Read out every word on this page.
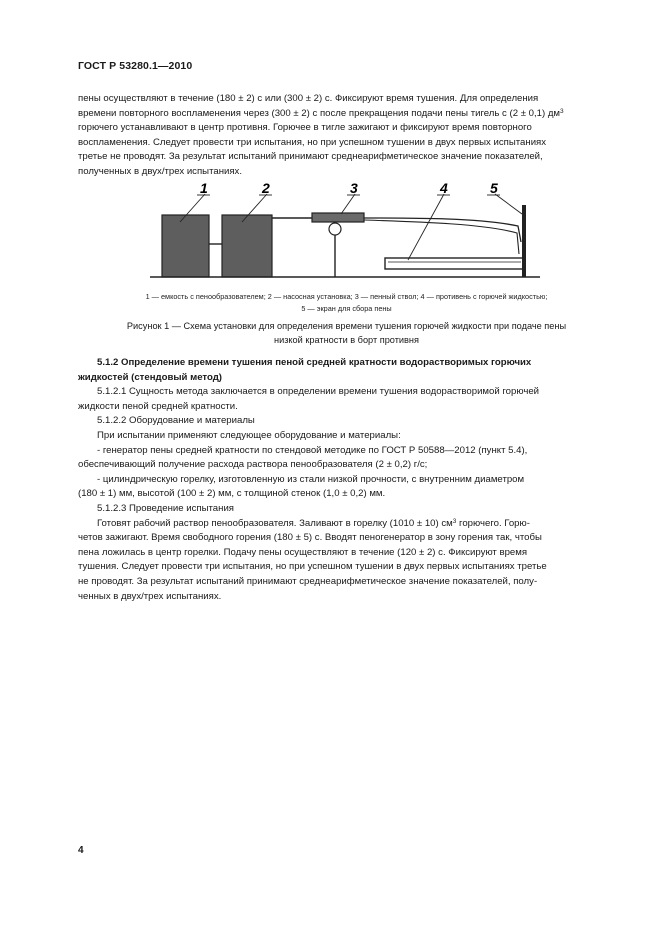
ГОСТ Р 53280.1—2010
пены осуществляют в течение (180 ± 2) с или (300 ± 2) с. Фиксируют время тушения. Для определения
времени повторного воспламенения через (300 ± 2) с после прекращения подачи пены тигель с (2 ± 0,1) $дм^3$
горючего устанавливают в центр противня. Горючее в тигле зажигают и фиксируют время повторного
воспламенения. Следует провести три испытания, но при успешном тушении в двух первых испытаниях
третье не проводят. За результат испытаний принимают среднеарифметическое значение показателей,
полученных в двух/трех испытаниях.
1	2	3	4	5
1 — емкость с пенообразователем; 2 — насосная установка; 3 — пенный ствол; 4 — противень с горючей жидкостью;
5 — экран для сбора пены
Рисунок 1 — Схема установки для определения времени тушения горючей жидкости при подаче пены
низкой кратности в борт противня
5.1.2 Определение времени тушения пеной средней кратности водорастворимых горючих
жидкостей (стендовый метод)
5.1.2.1 Сущность метода заключается в определении времени тушения водорастворимой горючей
жидкости пеной средней кратности.
5.1.2.2 Оборудование и материалы
При испытании применяют следующее оборудование и материалы:
- генератор пены средней кратности по стендовой методике по ГОСТ Р 50588—2012 (пункт 5.4),
обеспечивающий получение расхода раствора пенообразователя (2 ± 0,2) г/с;
- цилиндрическую горелку, изготовленную из стали низкой прочности, с внутренним диаметром
(180 ± 1) мм, высотой (100 ± 2) мм, с толщиной стенок (1,0 ± 0,2) мм.
5.1.2.3 Проведение испытания
Готовят рабочий раствор пенообразователя. Заливают в горелку (1010 ± 10) $см^3$ горючего. Горю-
четов зажигают. Время свободного горения (180 ± 5) с. Вводят пеногенератор в зону горения так, чтобы
пена ложилась в центр горелки. Подачу пены осуществляют в течение (120 ± 2) с. Фиксируют время
тушения. Следует провести три испытания, но при успешном тушении в двух первых испытаниях третье
не проводят. За результат испытаний принимают среднеарифметическое значение показателей, полу-
ченных в двух/трех испытаниях.
4
